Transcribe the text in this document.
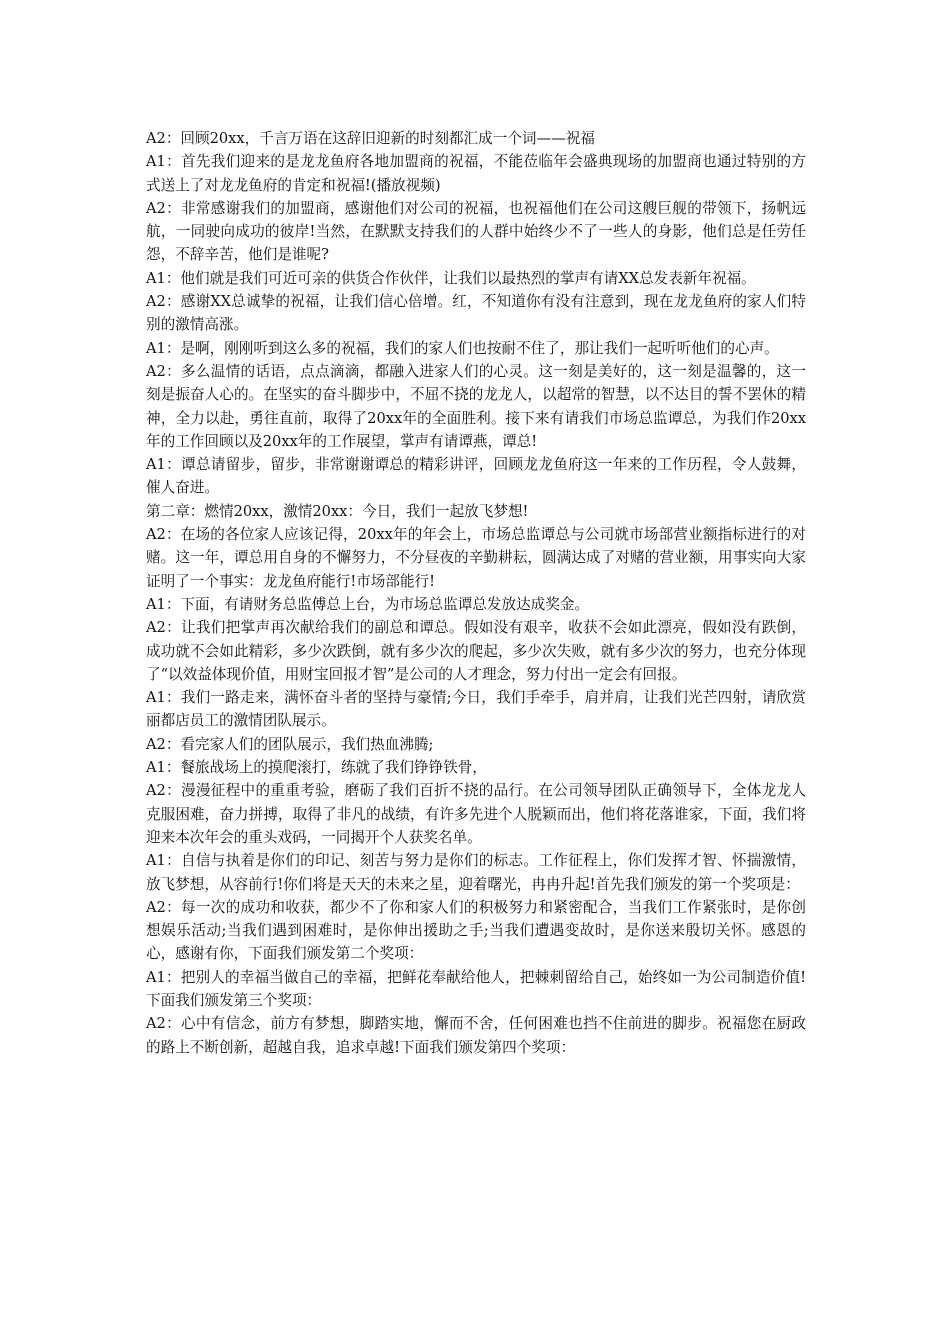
A2：回顾20xx，千言万语在这辞旧迎新的时刻都汇成一个词——祝福

A1：首先我们迎来的是龙龙鱼府各地加盟商的祝福，不能莅临年会盛典现场的加盟商也通过特别的方式送上了对龙龙鱼府的肯定和祝福!(播放视频)

A2：非常感谢我们的加盟商，感谢他们对公司的祝福，也祝福他们在公司这艘巨舰的带领下，扬帆远航，一同驶向成功的彼岸!当然，在默默支持我们的人群中始终少不了一些人的身影，他们总是任劳任怨，不辞辛苦，他们是谁呢?

A1：他们就是我们可近可亲的供货合作伙伴，让我们以最热烈的掌声有请XX总发表新年祝福。

A2：感谢XX总诚挚的祝福，让我们信心倍增。红，不知道你有没有注意到，现在龙龙鱼府的家人们特别的激情高涨。

A1：是啊，刚刚听到这么多的祝福，我们的家人们也按耐不住了，那让我们一起听听他们的心声。

A2：多么温情的话语，点点滴滴，都融入进家人们的心灵。这一刻是美好的，这一刻是温馨的，这一刻是振奋人心的。在坚实的奋斗脚步中，不屈不挠的龙龙人，以超常的智慧，以不达目的誓不罢休的精神，全力以赴，勇往直前，取得了20xx年的全面胜利。接下来有请我们市场总监谭总，为我们作20xx年的工作回顾以及20xx年的工作展望，掌声有请谭燕，谭总!

A1：谭总请留步，留步，非常谢谢谭总的精彩讲评，回顾龙龙鱼府这一年来的工作历程，令人鼓舞，催人奋进。

第二章：燃情20xx，激情20xx：今日，我们一起放飞梦想!

A2：在场的各位家人应该记得，20xx年的年会上，市场总监谭总与公司就市场部营业额指标进行的对赌。这一年，谭总用自身的不懈努力，不分昼夜的辛勤耕耘，圆满达成了对赌的营业额，用事实向大家证明了一个事实：龙龙鱼府能行!市场部能行!

A1：下面，有请财务总监傅总上台，为市场总监谭总发放达成奖金。

A2：让我们把掌声再次献给我们的副总和谭总。假如没有艰辛，收获不会如此漂亮，假如没有跌倒，成功就不会如此精彩，多少次跌倒，就有多少次的爬起，多少次失败，就有多少次的努力，也充分体现了“以效益体现价值，用财宝回报才智”是公司的人才理念，努力付出一定会有回报。

A1：我们一路走来，满怀奋斗者的坚持与豪情;今日，我们手牵手，肩并肩，让我们光芒四射，请欣赏丽都店员工的激情团队展示。

A2：看完家人们的团队展示，我们热血沸腾;

A1：餐旅战场上的摸爬滚打，练就了我们铮铮铁骨，

A2：漫漫征程中的重重考验，磨砺了我们百折不挠的品行。在公司领导团队正确领导下，全体龙龙人克服困难，奋力拼搏，取得了非凡的战绩，有许多先进个人脱颖而出，他们将花落谁家，下面，我们将迎来本次年会的重头戏码，一同揭开个人获奖名单。

A1：自信与执着是你们的印记、刻苦与努力是你们的标志。工作征程上，你们发挥才智、怀揣激情，放飞梦想，从容前行!你们将是天天的未来之星，迎着曙光，冉冉升起!首先我们颁发的第一个奖项是：

A2：每一次的成功和收获，都少不了你和家人们的积极努力和紧密配合，当我们工作紧张时，是你创想娱乐活动;当我们遇到困难时，是你伸出援助之手;当我们遭遇变故时，是你送来殷切关怀。感恩的心，感谢有你，下面我们颁发第二个奖项：

A1：把别人的幸福当做自己的幸福，把鲜花奉献给他人，把棘刺留给自己，始终如一为公司制造价值!下面我们颁发第三个奖项：

A2：心中有信念，前方有梦想，脚踏实地，懈而不舍，任何困难也挡不住前进的脚步。祝福您在厨政的路上不断创新，超越自我，追求卓越!下面我们颁发第四个奖项：
